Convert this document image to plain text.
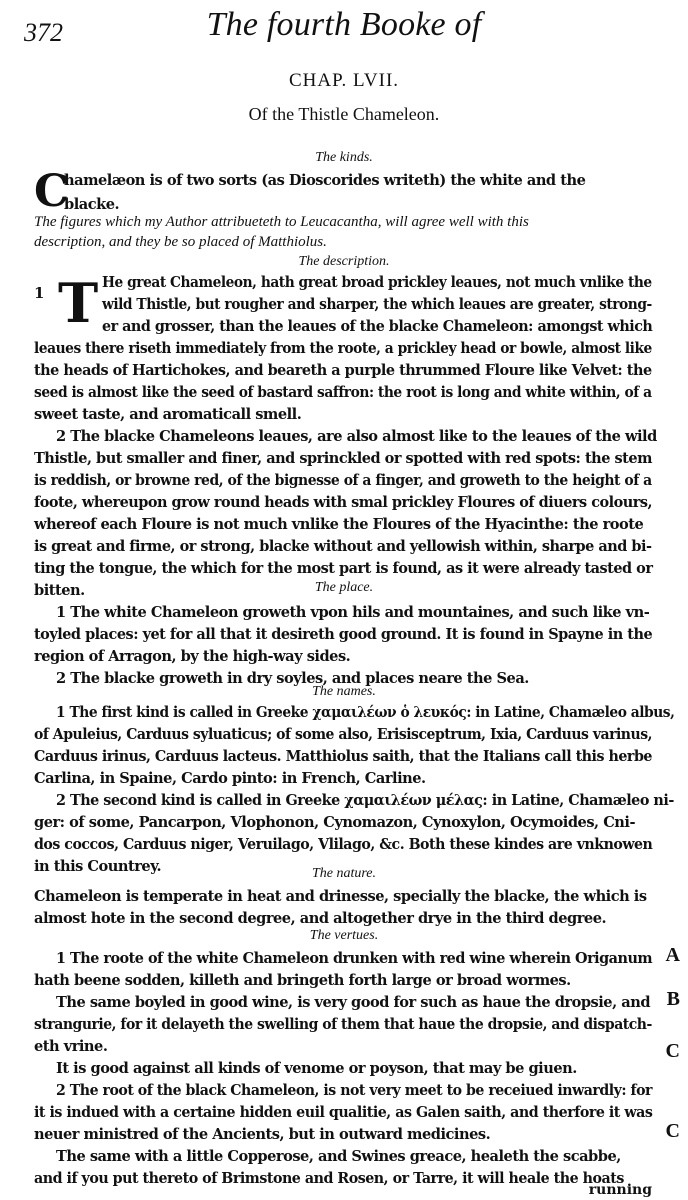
372	The fourth Booke of
CHAP. LVII.
Of the Thistle Chameleon.
The kinds.
C
hamelæon is of two sorts (as Dioscorides writeth) the white and the
blacke.
The figures which my Author attribueteth to Leucacantha, will agree well with this
description, and they be so placed of Matthiolus.
The description.
1 T He great Chameleon, hath great broad prickley leaues, not much vnlike the
wild Thistle, but rougher and sharper, the which leaues are greater, strong-
er and grosser, than the leaues of the blacke Chameleon: amongst which
leaues there riseth immediately from the roote, a prickley head or bowle, almost like
the heads of Hartichokes, and beareth a purple thrummed Floure like Velvet: the
seed is almost like the seed of bastard saffron: the root is long and white within, of a
sweet taste, and aromaticall smell.
2 The blacke Chameleons leaues, are also almost like to the leaues of the wild
Thistle, but smaller and finer, and sprinckled or spotted with red spots: the stem
is reddish, or browne red, of the bignesse of a finger, and groweth to the height of a
foote, whereupon grow round heads with smal prickley Floures of diuers colours,
whereof each Floure is not much vnlike the Floures of the Hyacinthe: the roote
is great and firme, or strong, blacke without and yellowish within, sharpe and bi-
ting the tongue, the which for the most part is found, as it were already tasted or
bitten.	The place.
1 The white Chameleon groweth vpon hils and mountaines, and such like vn-
toyled places: yet for all that it desireth good ground. It is found in Spayne in the
region of Arragon, by the high-way sides.
2 The blacke groweth in dry soyles, and places neare the Sea.
The names.
1 The first kind is called in Greeke χαμαιλέων ὁ λευκός: in Latine, Chamæleo albus,
of Apuleius, Carduus syluaticus; of some also, Erisisceptrum, Ixia, Carduus varinus,
Carduus irinus, Carduus lacteus. Matthiolus saith, that the Italians call this herbe
Carlina, in Spaine, Cardo pinto: in French, Carline.
2 The second kind is called in Greeke χαμαιλέων μέλας: in Latine, Chamæleo ni-
ger: of some, Pancarpon, Vlophonon, Cynomazon, Cynoxylon, Ocymoides, Cni-
dos coccos, Carduus niger, Veruilago, Vlilago, &c. Both these kindes are vnknowen
in this Countrey.	The nature.
Chameleon is temperate in heat and drinesse, specially the blacke, the which is
almost hote in the second degree, and altogether drye in the third degree.
The vertues.
1 The roote of the white Chameleon drunken with red wine wherein Origanum
hath beene sodden, killeth and bringeth forth large or broad wormes.
The same boyled in good wine, is very good for such as haue the dropsie, and
strangurie, for it delayeth the swelling of them that haue the dropsie, and dispatch-
eth vrine.
It is good against all kinds of venome or poyson, that may be giuen.
2 The root of the black Chameleon, is not very meet to be receiued inwardly: for
it is indued with a certaine hidden euil qualitie, as Galen saith, and therfore it was
neuer ministred of the Ancients, but in outward medicines.
The same with a little Copperose, and Swines greace, healeth the scabbe,
and if you put thereto of Brimstone and Rosen, or Tarre, it will heale the hoats
A
B
C
C
running
